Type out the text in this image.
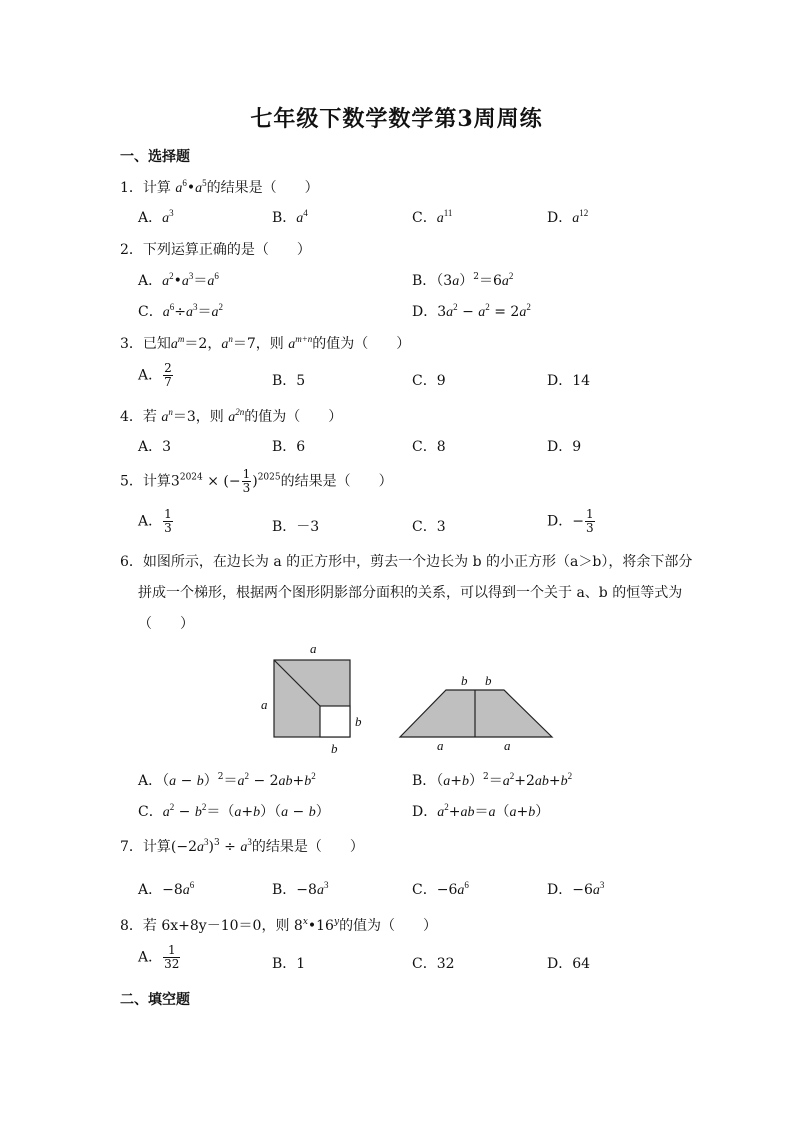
七年级下数学数学第3周周练
一、选择题
1．计算 $a^6•a^5$的结果是（　　）
A．$a^3$	B．$a^4$	C．$a^{11}$	D．$a^{12}$
2．下列运算正确的是（　　）
A．$a^2•a^3=a^6$	B．$(3a)^2=6a^2$
C．$a^6\div a^3=a^2$	D．$3a^2 - a^2 = 2a^2$
3．已知$a^m=2$，$a^n=7$，则 $a^{m+n}$的值为（　　）
A． $\frac{2}{7}$	B．5	C．9	D．14
4．若 $a^n=3$，则 $a^{2n}$的值为（　　）
A．3	B．6	C．8	D．9
5．计算$3^{2024}$ × (− $\frac{1}{3} )^{2025}$的结果是（　　）
A． $\frac{1}{3}$	B．－3	C．3	D．− $\frac{1}{3}$
6．如图所示，在边长为 a 的正方形中，剪去一个边长为 b 的小正方形（a＞b），将余下部分
拼成一个梯形，根据两个图形阴影部分面积的关系，可以得到一个关于 a、b 的恒等式为
（　　）
a
a
b
b
b b
a	a
A．$(a - b)^2=a^2 - 2ab+b^2$	B．$(a+b)^2=a^2+2ab+b^2$
C．$a^2 - b^2=(a+b)(a - b)$	D．$a^2+ab=a(a+b)$
7．计算$(-2a^3)^3 \div a^3$的结果是（　　）
A．$-8a^6$	B．$-8a^3$	C．$-6a^6$	D．$-6a^3$
8．若 6x+8y－10＝0，则 8$^x$•16$^y$的值为（　　）
A． $\frac{1}{32}$	B．1	C．32	D．64
二、填空题
